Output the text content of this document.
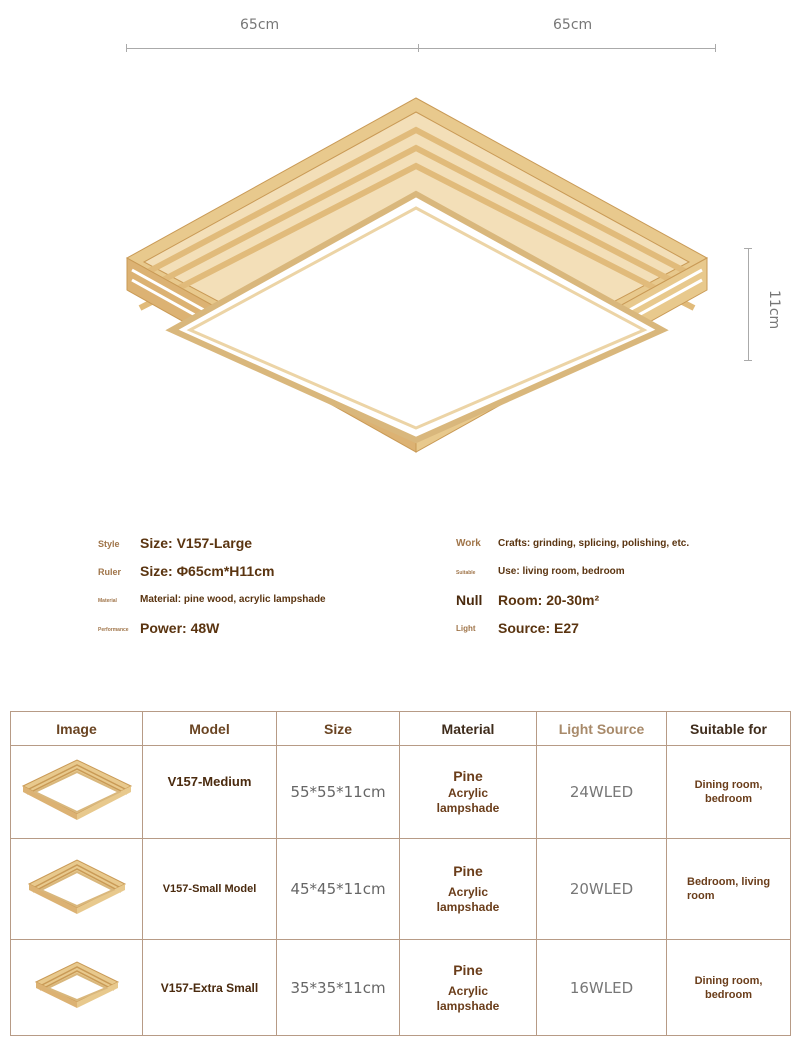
65cm	65cm
11cm
Style Size: V157-Large
Ruler Size: Φ65cm*H11cm
Material Material: pine wood, acrylic lampshade
Performance Power: 48W
Work Crafts: grinding, splicing, polishing, etc.
Suitable Use: living room, bedroom
Null Room: 20-30m²
Light Source: E27
Image	Model	Size	Material	Light Source	Suitable for
	V157-Medium	55*55*11cm	Pine
Acrylic lampshade	24WLED	Dining room, bedroom
	V157-Small Model	45*45*11cm	Pine
Acrylic lampshade	20WLED	Bedroom, living room
	V157-Extra Small	35*35*11cm	Pine
Acrylic lampshade	16WLED	Dining room, bedroom
